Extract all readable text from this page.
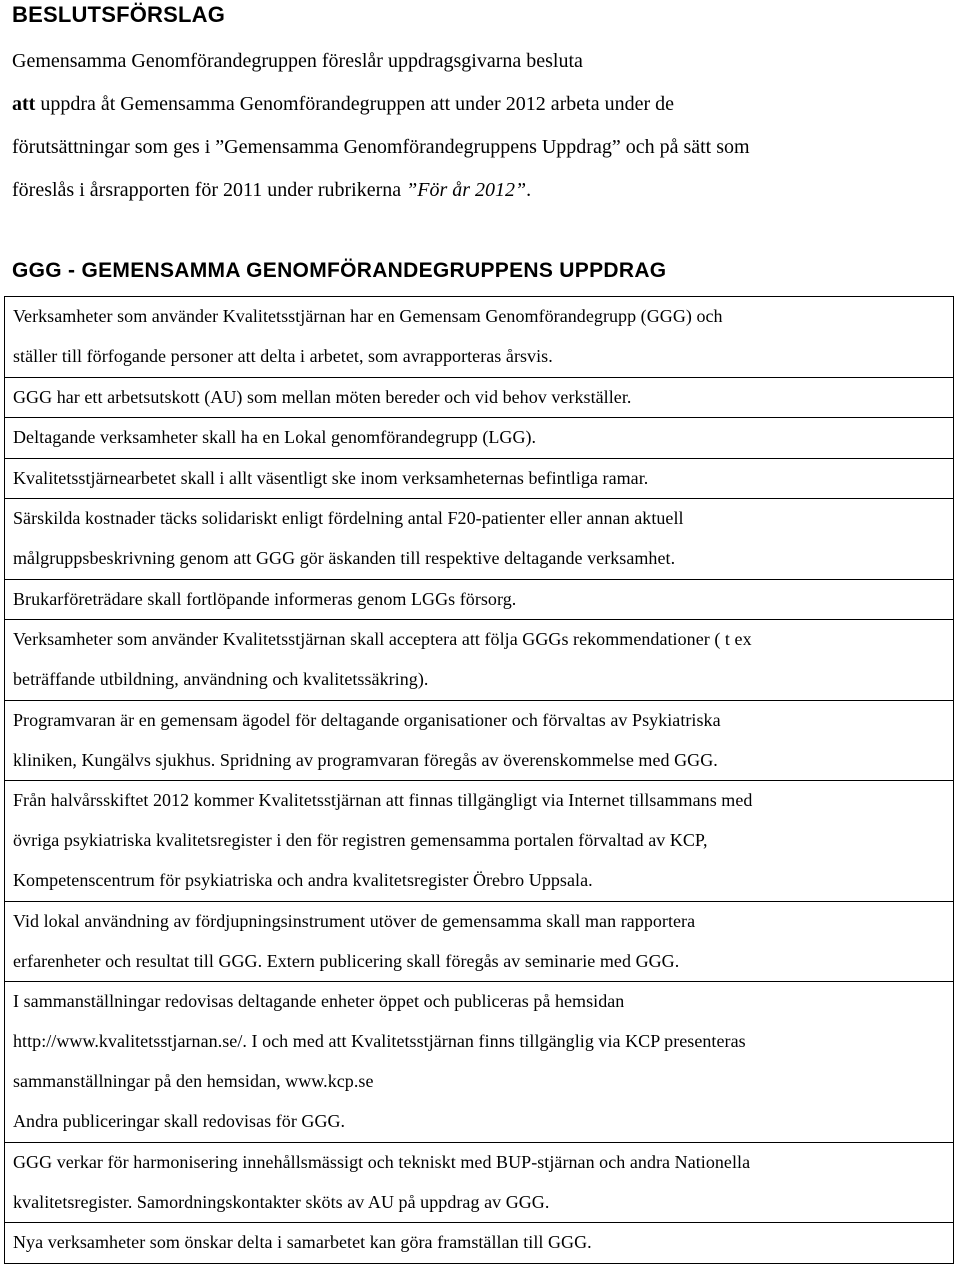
BESLUTSFÖRSLAG
Gemensamma Genomförandegruppen föreslår uppdragsgivarna besluta
att uppdra åt Gemensamma Genomförandegruppen att under 2012 arbeta under de
förutsättningar som ges i ”Gemensamma Genomförandegruppens Uppdrag” och på sätt som
föreslås i årsrapporten för 2011 under rubrikerna ”För år 2012”.
GGG - GEMENSAMMA GENOMFÖRANDEGRUPPENS UPPDRAG
Verksamheter som använder Kvalitetsstjärnan har en Gemensam Genomförandegrupp (GGG) och
ställer till förfogande personer att delta i arbetet, som avrapporteras årsvis.
GGG har ett arbetsutskott (AU) som mellan möten bereder och vid behov verkställer.
Deltagande verksamheter skall ha en Lokal genomförandegrupp (LGG).
Kvalitetsstjärnearbetet skall i allt väsentligt ske inom verksamheternas befintliga ramar.
Särskilda kostnader täcks solidariskt enligt fördelning antal F20-patienter eller annan aktuell
målgruppsbeskrivning genom att GGG gör äskanden till respektive deltagande verksamhet.
Brukarföreträdare skall fortlöpande informeras genom LGGs försorg.
Verksamheter som använder Kvalitetsstjärnan skall acceptera att följa GGGs rekommendationer ( t ex
beträffande utbildning, användning och kvalitetssäkring).
Programvaran är en gemensam ägodel för deltagande organisationer och förvaltas av Psykiatriska
kliniken, Kungälvs sjukhus. Spridning av programvaran föregås av överenskommelse med GGG.
Från halvårsskiftet 2012 kommer Kvalitetsstjärnan att finnas tillgängligt via Internet tillsammans med
övriga psykiatriska kvalitetsregister i den för registren gemensamma portalen förvaltad av KCP,
Kompetenscentrum för psykiatriska och andra kvalitetsregister Örebro Uppsala.
Vid lokal användning av fördjupningsinstrument utöver de gemensamma skall man rapportera
erfarenheter och resultat till GGG. Extern publicering skall föregås av seminarie med GGG.
I sammanställningar redovisas deltagande enheter öppet och publiceras på hemsidan
http://www.kvalitetsstjarnan.se/. I och med att Kvalitetsstjärnan finns tillgänglig via KCP presenteras
sammanställningar på den hemsidan, www.kcp.se
Andra publiceringar skall redovisas för GGG.
GGG verkar för harmonisering innehållsmässigt och tekniskt med BUP-stjärnan och andra Nationella
kvalitetsregister. Samordningskontakter sköts av AU på uppdrag av GGG.
Nya verksamheter som önskar delta i samarbetet kan göra framställan till GGG.
